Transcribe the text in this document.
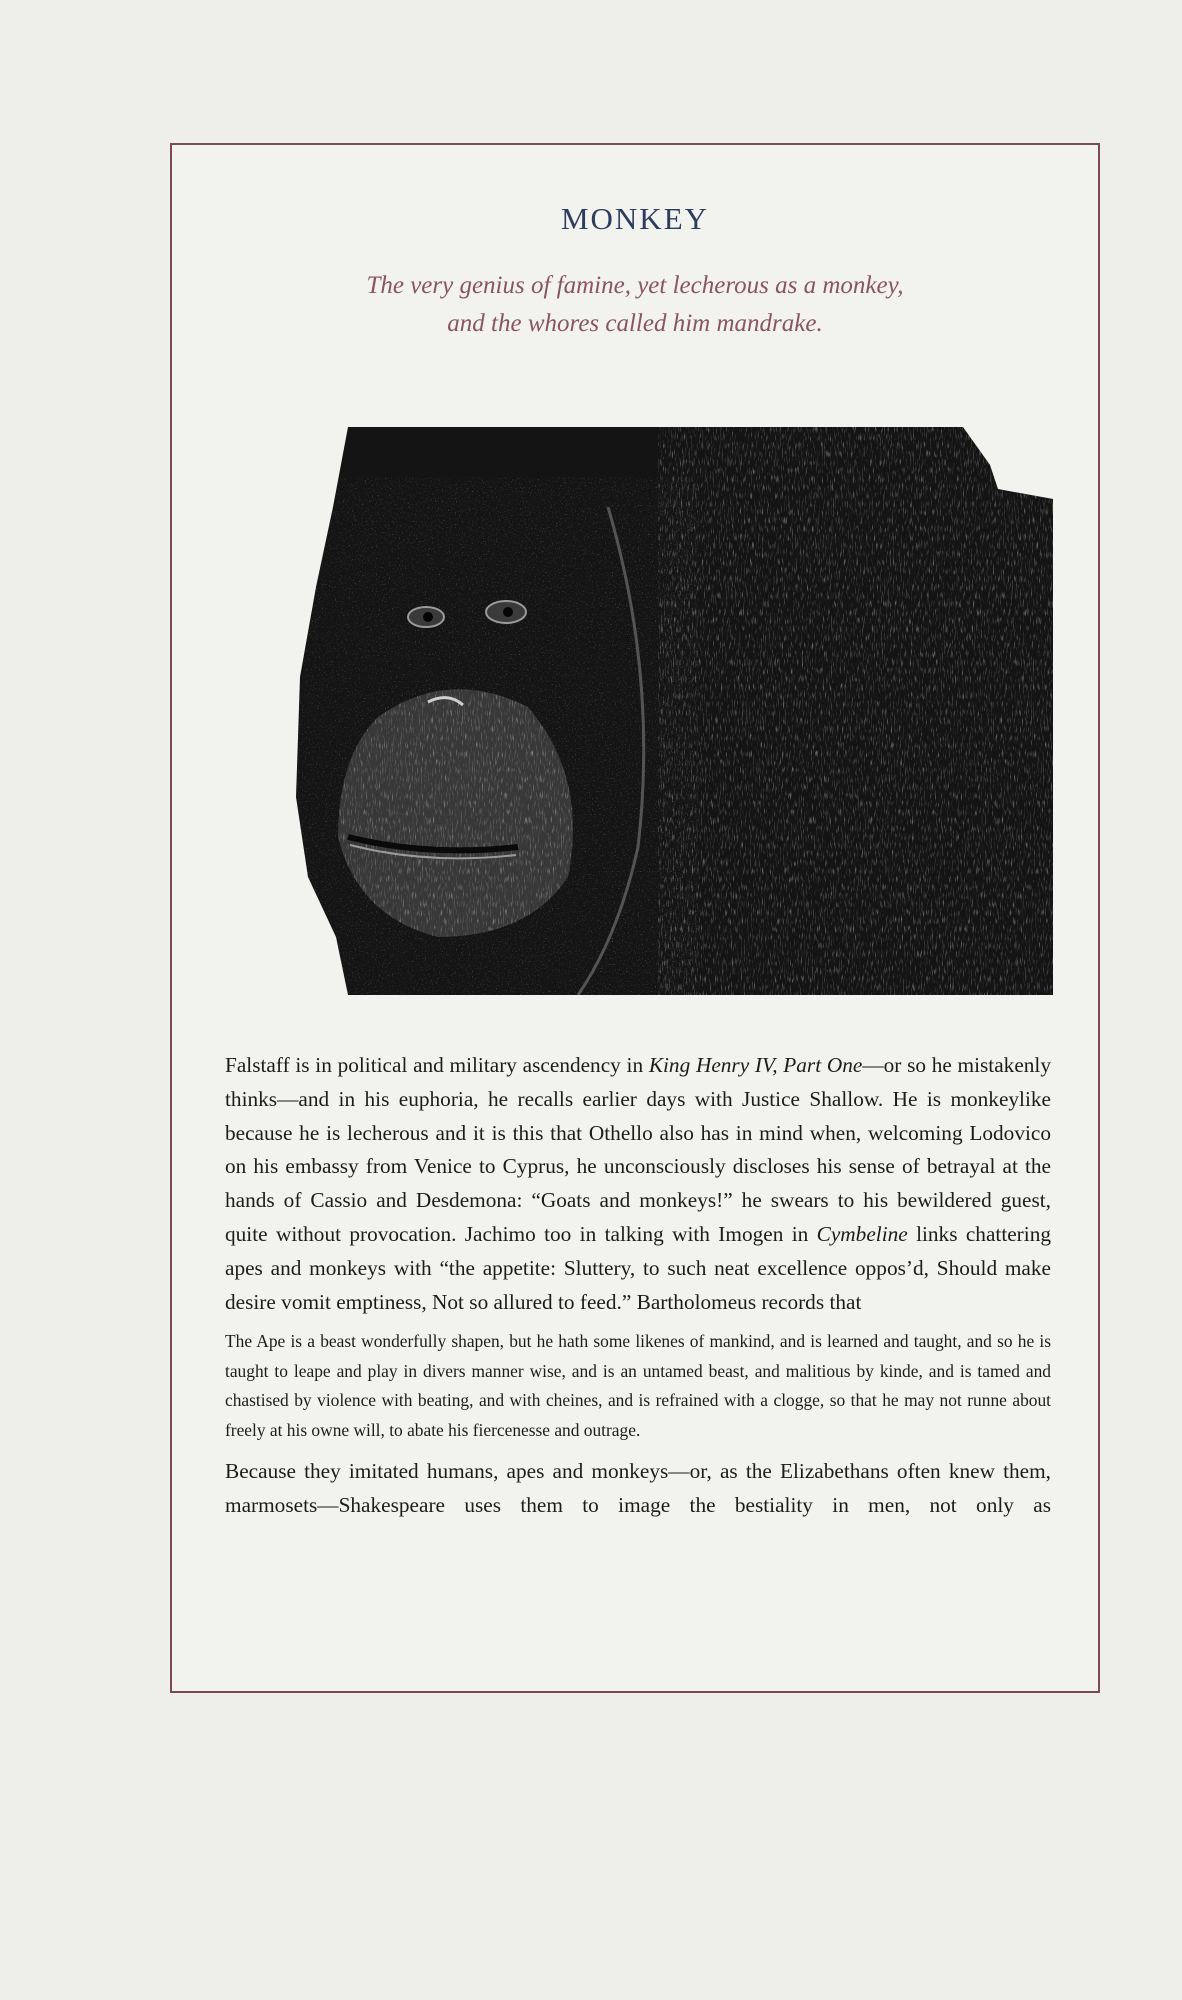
MONKEY
The very genius of famine, yet lecherous as a monkey,
and the whores called him mandrake.

Falstaff is in political and military ascendency in King Henry IV, Part One—or so he mistakenly thinks—and in his euphoria, he recalls earlier days with Justice Shallow. He is monkeylike because he is lecherous and it is this that Othello also has in mind when, welcoming Lodovico on his embassy from Venice to Cyprus, he unconsciously discloses his sense of betrayal at the hands of Cassio and Desdemona: “Goats and monkeys!” he swears to his bewildered guest, quite without provocation. Jachimo too in talking with Imogen in Cymbeline links chattering apes and monkeys with “the appetite: Sluttery, to such neat excellence oppos’d, Should make desire vomit emptiness, Not so allured to feed.” Bartholomeus records that

The Ape is a beast wonderfully shapen, but he hath some likenes of mankind, and is learned and taught, and so he is taught to leape and play in divers manner wise, and is an untamed beast, and malitious by kinde, and is tamed and chastised by violence with beating, and with cheines, and is refrained with a clogge, so that he may not runne about freely at his owne will, to abate his fiercenesse and outrage.

Because they imitated humans, apes and monkeys—or, as the Elizabethans often knew them, marmosets—Shakespeare uses them to image the bestiality in men, not only as
